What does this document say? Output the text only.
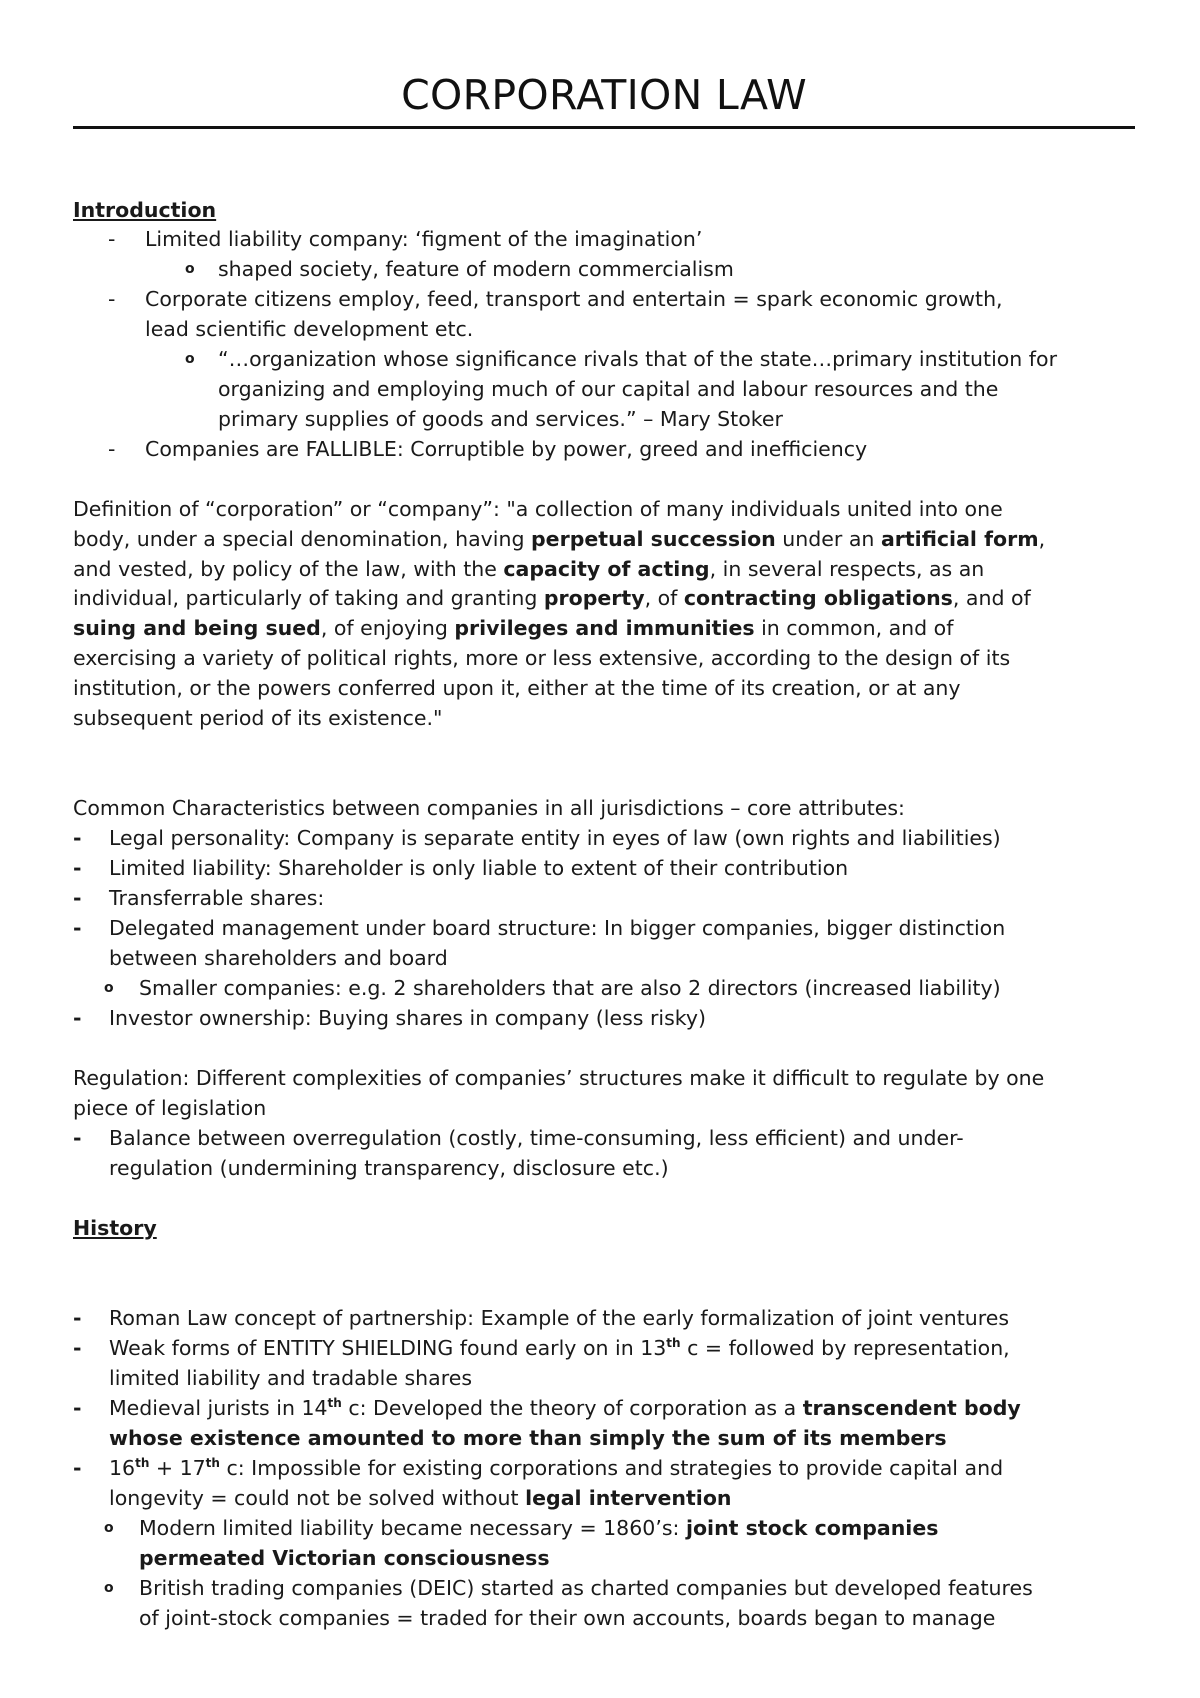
CORPORATION LAW
Introduction
- Limited liability company: ‘figment of the imagination’
o shaped society, feature of modern commercialism
- Corporate citizens employ, feed, transport and entertain = spark economic growth,
lead scientific development etc.
o “…organization whose significance rivals that of the state…primary institution for
organizing and employing much of our capital and labour resources and the
primary supplies of goods and services.” – Mary Stoker
- Companies are FALLIBLE: Corruptible by power, greed and inefficiency
Definition of “corporation” or “company”: "a collection of many individuals united into one
body, under a special denomination, having perpetual succession under an artificial form,
and vested, by policy of the law, with the capacity of acting, in several respects, as an
individual, particularly of taking and granting property, of contracting obligations, and of
suing and being sued, of enjoying privileges and immunities in common, and of
exercising a variety of political rights, more or less extensive, according to the design of its
institution, or the powers conferred upon it, either at the time of its creation, or at any
subsequent period of its existence."
Common Characteristics between companies in all jurisdictions – core attributes:
- Legal personality: Company is separate entity in eyes of law (own rights and liabilities)
- Limited liability: Shareholder is only liable to extent of their contribution
- Transferrable shares:
- Delegated management under board structure: In bigger companies, bigger distinction
between shareholders and board
o Smaller companies: e.g. 2 shareholders that are also 2 directors (increased liability)
- Investor ownership: Buying shares in company (less risky)
Regulation: Different complexities of companies’ structures make it difficult to regulate by one
piece of legislation
- Balance between overregulation (costly, time-consuming, less efficient) and under-
regulation (undermining transparency, disclosure etc.)
History
- Roman Law concept of partnership: Example of the early formalization of joint ventures
- Weak forms of ENTITY SHIELDING found early on in 13th c = followed by representation,
limited liability and tradable shares
- Medieval jurists in 14th c: Developed the theory of corporation as a transcendent body
whose existence amounted to more than simply the sum of its members
- 16th + 17th c: Impossible for existing corporations and strategies to provide capital and
longevity = could not be solved without legal intervention
o Modern limited liability became necessary = 1860’s: joint stock companies
permeated Victorian consciousness
o British trading companies (DEIC) started as charted companies but developed features
of joint-stock companies = traded for their own accounts, boards began to manage
